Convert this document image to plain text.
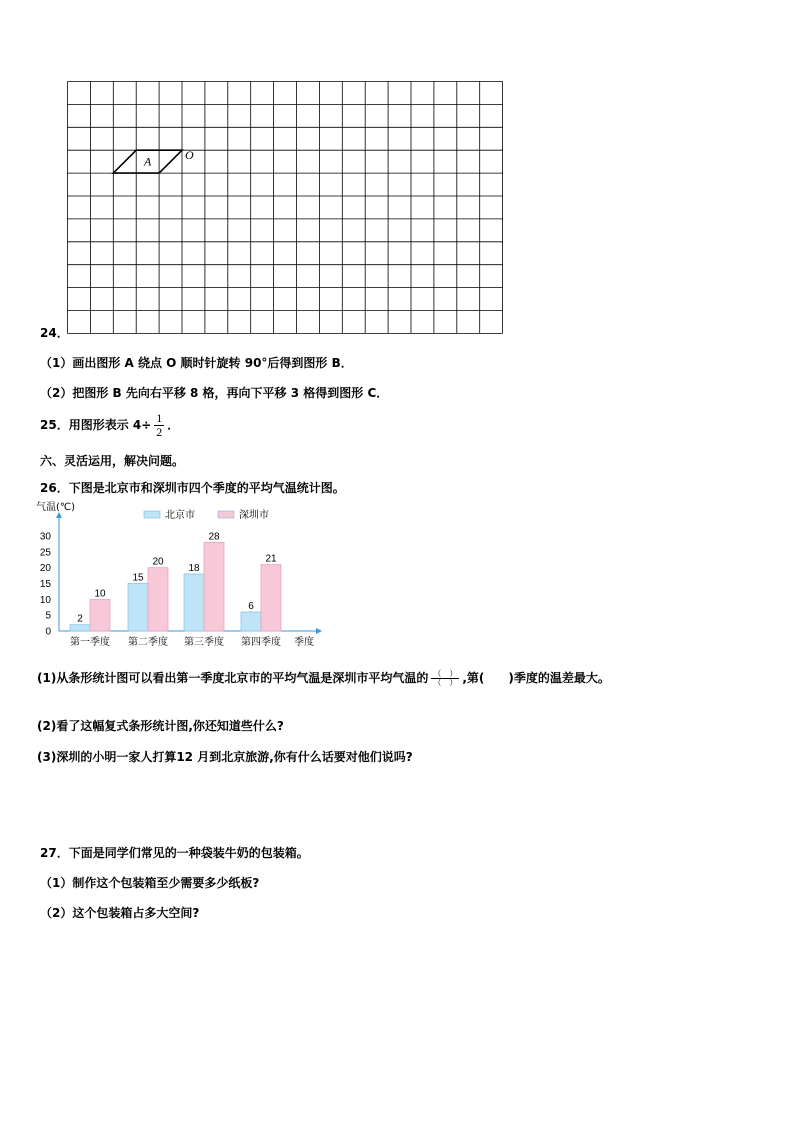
A	O
24．
（1）画出图形 A 绕点 O 顺时针旋转 90°后得到图形 B．
（2）把图形 B 先向右平移 8 格，再向下平移 3 格得到图形 C．
25．用图形表示 $4\div \frac{1}{2}$ ．
六、灵活运用，解决问题。
26．下图是北京市和深圳市四个季度的平均气温统计图。
气温(℃)
0
5
10
15
20
25
30
北京市	深圳市
2
10
第一季度
15
20
第二季度
18
28
第三季度
6
21
第四季度 季度
(1)从条形统计图可以看出第一季度北京市的平均气温是深圳市平均气温的 $\frac{( )}{( )}$ ,第( )季度的温差最大。
(2)看了这幅复式条形统计图,你还知道些什么?
(3)深圳的小明一家人打算12 月到北京旅游,你有什么话要对他们说吗?
27．下面是同学们常见的一种袋装牛奶的包装箱。
（1）制作这个包装箱至少需要多少纸板?
（2）这个包装箱占多大空间?
